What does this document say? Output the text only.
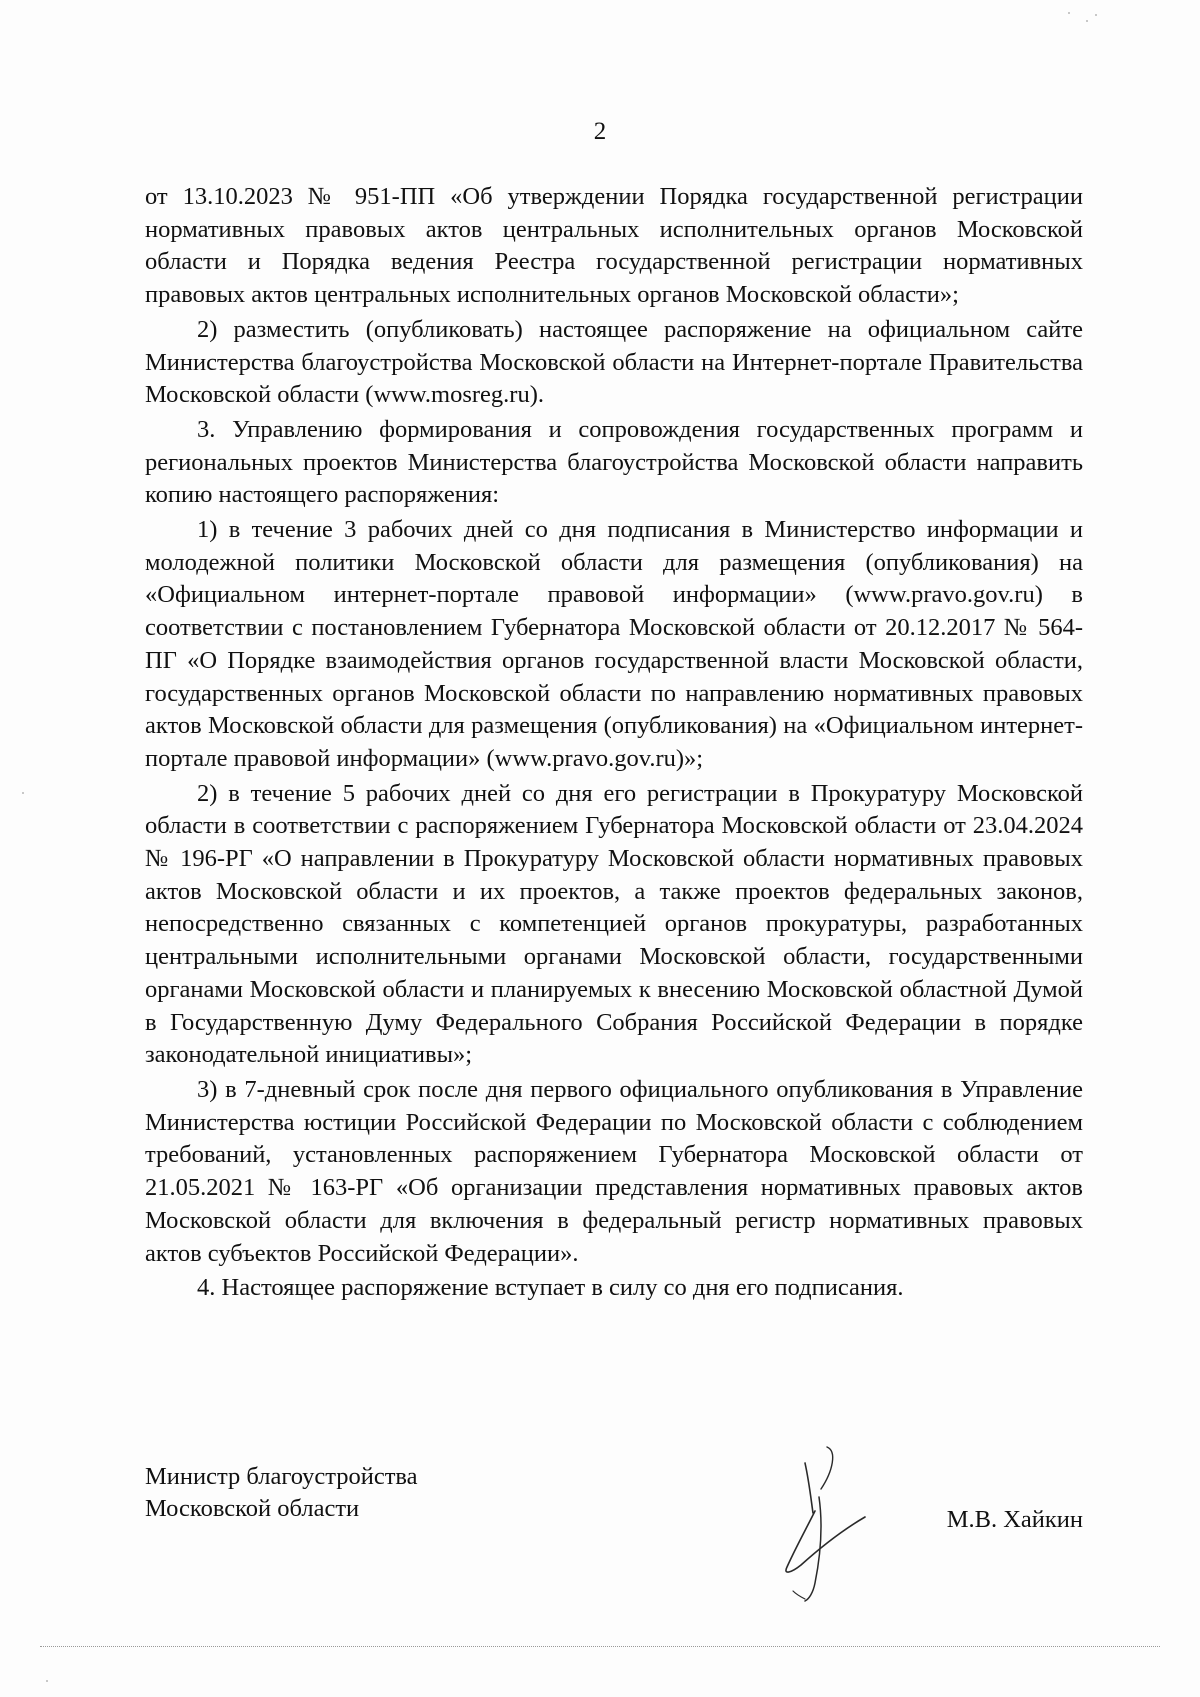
2

от 13.10.2023 № 951-ПП «Об утверждении Порядка государственной регистрации нормативных правовых актов центральных исполнительных органов Московской области и Порядка ведения Реестра государственной регистрации нормативных правовых актов центральных исполнительных органов Московской области»;

2) разместить (опубликовать) настоящее распоряжение на официальном сайте Министерства благоустройства Московской области на Интернет-портале Правительства Московской области (www.mosreg.ru).

3. Управлению формирования и сопровождения государственных программ и региональных проектов Министерства благоустройства Московской области направить копию настоящего распоряжения:

1) в течение 3 рабочих дней со дня подписания в Министерство информации и молодежной политики Московской области для размещения (опубликования) на «Официальном интернет-портале правовой информации» (www.pravo.gov.ru) в соответствии с постановлением Губернатора Московской области от 20.12.2017 № 564-ПГ «О Порядке взаимодействия органов государственной власти Московской области, государственных органов Московской области по направлению нормативных правовых актов Московской области для размещения (опубликования) на «Официальном интернет-портале правовой информации» (www.pravo.gov.ru)»;

2) в течение 5 рабочих дней со дня его регистрации в Прокуратуру Московской области в соответствии с распоряжением Губернатора Московской области от 23.04.2024 № 196-РГ «О направлении в Прокуратуру Московской области нормативных правовых актов Московской области и их проектов, а также проектов федеральных законов, непосредственно связанных с компетенцией органов прокуратуры, разработанных центральными исполнительными органами Московской области, государственными органами Московской области и планируемых к внесению Московской областной Думой в Государственную Думу Федерального Собрания Российской Федерации в порядке законодательной инициативы»;

3) в 7-дневный срок после дня первого официального опубликования в Управление Министерства юстиции Российской Федерации по Московской области с соблюдением требований, установленных распоряжением Губернатора Московской области от 21.05.2021 № 163-РГ «Об организации представления нормативных правовых актов Московской области для включения в федеральный регистр нормативных правовых актов субъектов Российской Федерации».

4. Настоящее распоряжение вступает в силу со дня его подписания.

Министр благоустройства
Московской области	М.В. Хайкин
